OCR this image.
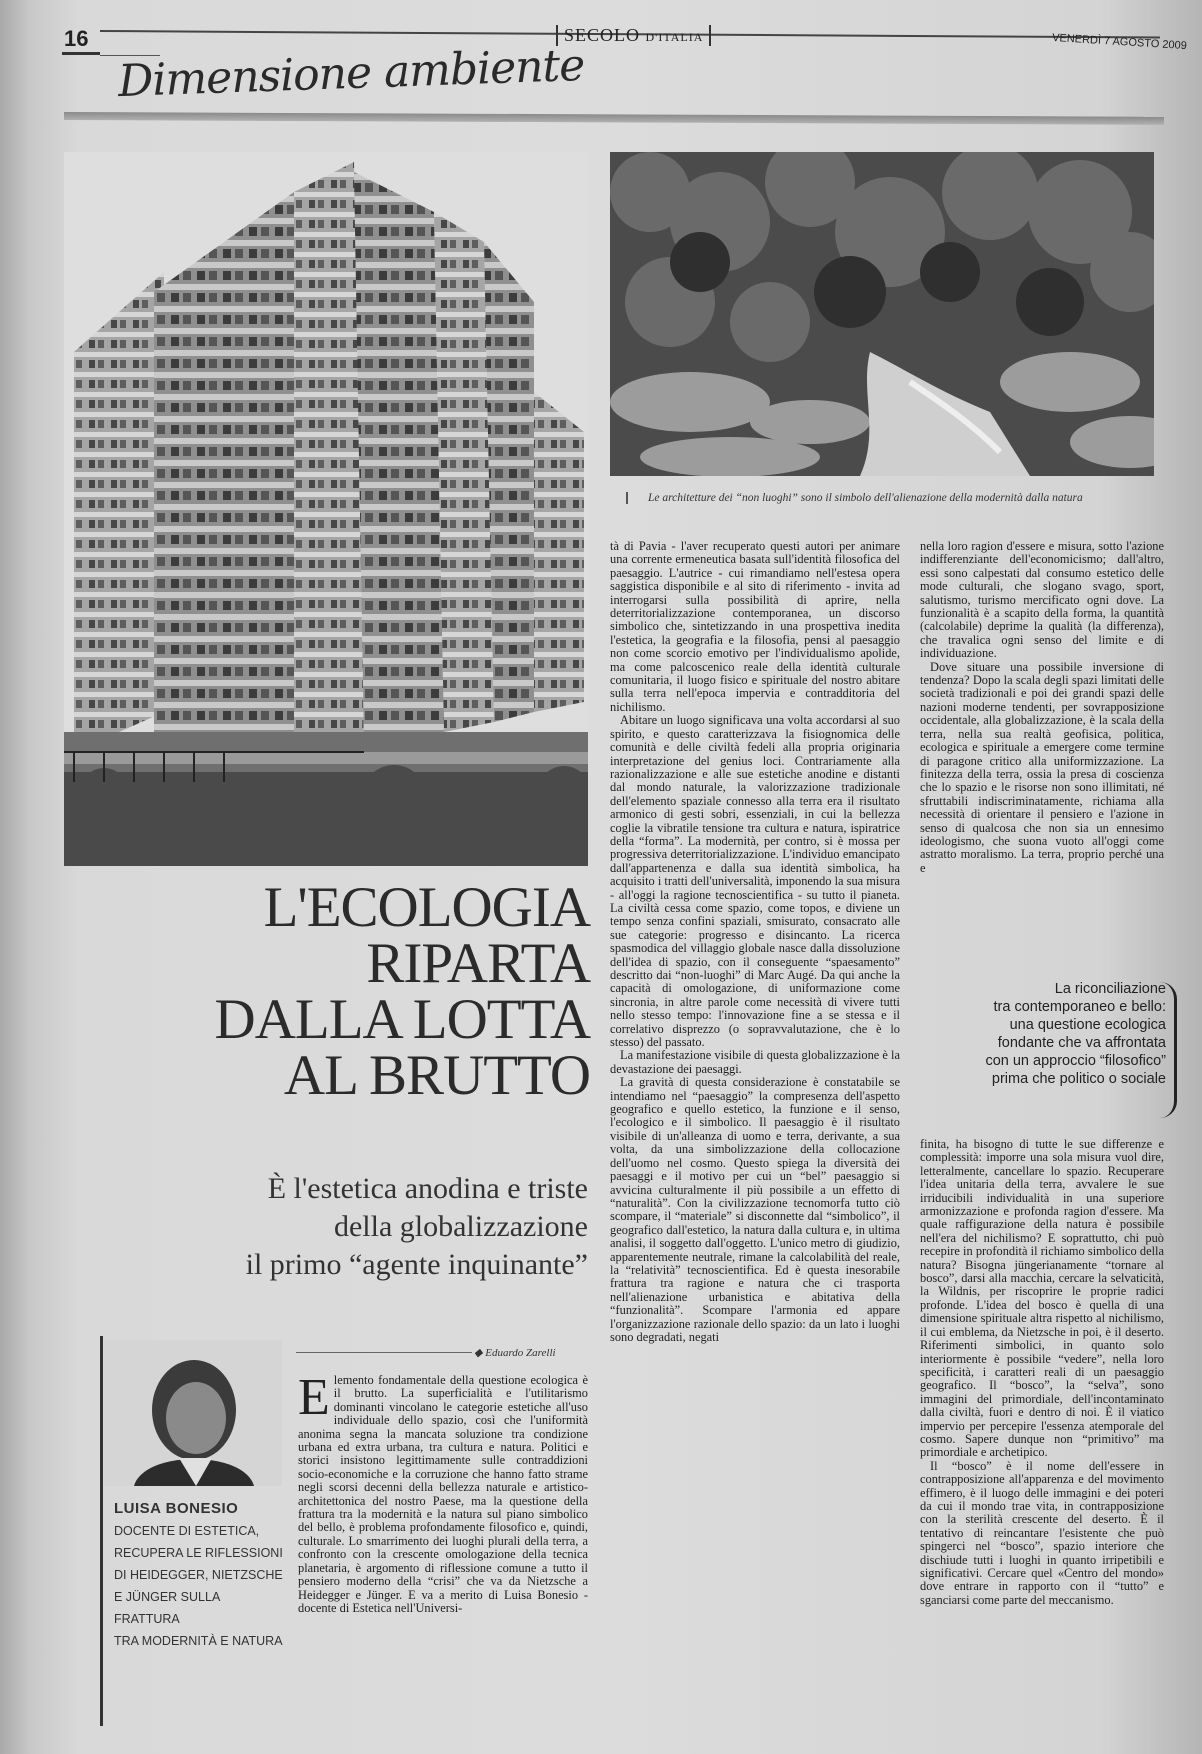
16	SECOLO D'ITALIA	VENERDÌ 7 AGOSTO 2009
Dimensione ambiente
Le architetture dei “non luoghi” sono il simbolo dell'alienazione della modernità dalla natura
L'ECOLOGIA
RIPARTA
DALLA LOTTA
AL BRUTTO
È l'estetica anodina e triste
della globalizzazione
il primo “agente inquinante”
LUISA BONESIO
DOCENTE DI ESTETICA,
RECUPERA LE RIFLESSIONI
DI HEIDEGGER, NIETZSCHE
E JÜNGER SULLA FRATTURA
TRA MODERNITÀ E NATURA
◆ Eduardo Zarelli

Elemento fondamentale della questione ecologica è il brutto. La superficialità e l'utilitarismo dominanti vincolano le categorie estetiche all'uso individuale dello spazio, così che l'uniformità anonima segna la mancata soluzione tra condizione urbana ed extra urbana, tra cultura e natura. Politici e storici insistono legittimamente sulle contraddizioni socio-economiche e la corruzione che hanno fatto strame negli scorsi decenni della bellezza naturale e artistico-architettonica del nostro Paese, ma la questione della frattura tra la modernità e la natura sul piano simbolico del bello, è problema profondamente filosofico e, quindi, culturale. Lo smarrimento dei luoghi plurali della terra, a confronto con la crescente omologazione della tecnica planetaria, è argomento di riflessione comune a tutto il pensiero moderno della “crisi” che va da Nietzsche a Heidegger e Jünger. E va a merito di Luisa Bonesio - docente di Estetica nell'Universi-

tà di Pavia - l'aver recuperato questi autori per animare una corrente ermeneutica basata sull'identità filosofica del paesaggio. L'autrice - cui rimandiamo nell'estesa opera saggistica disponibile e al sito di riferimento - invita ad interrogarsi sulla possibilità di aprire, nella deterritorializzazione contemporanea, un discorso simbolico che, sintetizzando in una prospettiva inedita l'estetica, la geografia e la filosofia, pensi al paesaggio non come scorcio emotivo per l'individualismo apolide, ma come palcoscenico reale della identità culturale comunitaria, il luogo fisico e spirituale del nostro abitare sulla terra nell'epoca impervia e contradditoria del nichilismo.

Abitare un luogo significava una volta accordarsi al suo spirito, e questo caratterizzava la fisiognomica delle comunità e delle civiltà fedeli alla propria originaria interpretazione del genius loci. Contrariamente alla razionalizzazione e alle sue estetiche anodine e distanti dal mondo naturale, la valorizzazione tradizionale dell'elemento spaziale connesso alla terra era il risultato armonico di gesti sobri, essenziali, in cui la bellezza coglie la vibratile tensione tra cultura e natura, ispiratrice della “forma”. La modernità, per contro, si è mossa per progressiva deterritorializzazione. L'individuo emancipato dall'appartenenza e dalla sua identità simbolica, ha acquisito i tratti dell'universalità, imponendo la sua misura - all'oggi la ragione tecnoscientifica - su tutto il pianeta. La civiltà cessa come spazio, come topos, e diviene un tempo senza confini spaziali, smisurato, consacrato alle sue categorie: progresso e disincanto. La ricerca spasmodica del villaggio globale nasce dalla dissoluzione dell'idea di spazio, con il conseguente “spaesamento” descritto dai “non-luoghi” di Marc Augé. Da qui anche la capacità di omologazione, di uniformazione come sincronia, in altre parole come necessità di vivere tutti nello stesso tempo: l'innovazione fine a se stessa e il correlativo disprezzo (o sopravvalutazione, che è lo stesso) del passato.

La manifestazione visibile di questa globalizzazione è la devastazione dei paesaggi.

La gravità di questa considerazione è constatabile se intendiamo nel “paesaggio” la compresenza dell'aspetto geografico e quello estetico, la funzione e il senso, l'ecologico e il simbolico. Il paesaggio è il risultato visibile di un'alleanza di uomo e terra, derivante, a sua volta, da una simbolizzazione della collocazione dell'uomo nel cosmo. Questo spiega la diversità dei paesaggi e il motivo per cui un “bel” paesaggio si avvicina culturalmente il più possibile a un effetto di “naturalità”. Con la civilizzazione tecnomorfa tutto ciò scompare, il “materiale” si disconnette dal “simbolico”, il geografico dall'estetico, la natura dalla cultura e, in ultima analisi, il soggetto dall'oggetto. L'unico metro di giudizio, apparentemente neutrale, rimane la calcolabilità del reale, la “relatività” tecnoscientifica. Ed è questa inesorabile frattura tra ragione e natura che ci trasporta nell'alienazione urbanistica e abitativa della “funzionalità”. Scompare l'armonia ed appare l'organizzazione razionale dello spazio: da un lato i luoghi sono degradati, negati

nella loro ragion d'essere e misura, sotto l'azione indifferenziante dell'economicismo; dall'altro, essi sono calpestati dal consumo estetico delle mode culturali, che slogano svago, sport, salutismo, turismo mercificato ogni dove. La funzionalità è a scapito della forma, la quantità (calcolabile) deprime la qualità (la differenza), che travalica ogni senso del limite e di individuazione.

Dove situare una possibile inversione di tendenza? Dopo la scala degli spazi limitati delle società tradizionali e poi dei grandi spazi delle nazioni moderne tendenti, per sovrapposizione occidentale, alla globalizzazione, è la scala della terra, nella sua realtà geofisica, politica, ecologica e spirituale a emergere come termine di paragone critico alla uniformizzazione. La finitezza della terra, ossia la presa di coscienza che lo spazio e le risorse non sono illimitati, né sfruttabili indiscriminatamente, richiama alla necessità di orientare il pensiero e l'azione in senso di qualcosa che non sia un ennesimo ideologismo, che suona vuoto all'oggi come astratto moralismo. La terra, proprio perché una e

La riconciliazione
tra contemporaneo e bello:
una questione ecologica
fondante che va affrontata
con un approccio “filosofico”
prima che politico o sociale

finita, ha bisogno di tutte le sue differenze e complessità: imporre una sola misura vuol dire, letteralmente, cancellare lo spazio. Recuperare l'idea unitaria della terra, avvalere le sue irriducibili individualità in una superiore armonizzazione e profonda ragion d'essere. Ma quale raffigurazione della natura è possibile nell'era del nichilismo? E soprattutto, chi può recepire in profondità il richiamo simbolico della natura? Bisogna jüngerianamente “tornare al bosco”, darsi alla macchia, cercare la selvaticità, la Wildnis, per riscoprire le proprie radici profonde. L'idea del bosco è quella di una dimensione spirituale altra rispetto al nichilismo, il cui emblema, da Nietzsche in poi, è il deserto. Riferimenti simbolici, in quanto solo interiormente è possibile “vedere”, nella loro specificità, i caratteri reali di un paesaggio geografico. Il “bosco”, la “selva”, sono immagini del primordiale, dell'incontaminato dalla civiltà, fuori e dentro di noi. È il viatico impervio per percepire l'essenza atemporale del cosmo. Sapere dunque non “primitivo” ma primordiale e archetipico.

Il “bosco” è il nome dell'essere in contrapposizione all'apparenza e del movimento effimero, è il luogo delle immagini e dei poteri da cui il mondo trae vita, in contrapposizione con la sterilità crescente del deserto. È il tentativo di reincantare l'esistente che può spingerci nel “bosco”, spazio interiore che dischiude tutti i luoghi in quanto irripetibili e significativi. Cercare quel «Centro del mondo» dove entrare in rapporto con il “tutto” e sganciarsi come parte del meccanismo.
